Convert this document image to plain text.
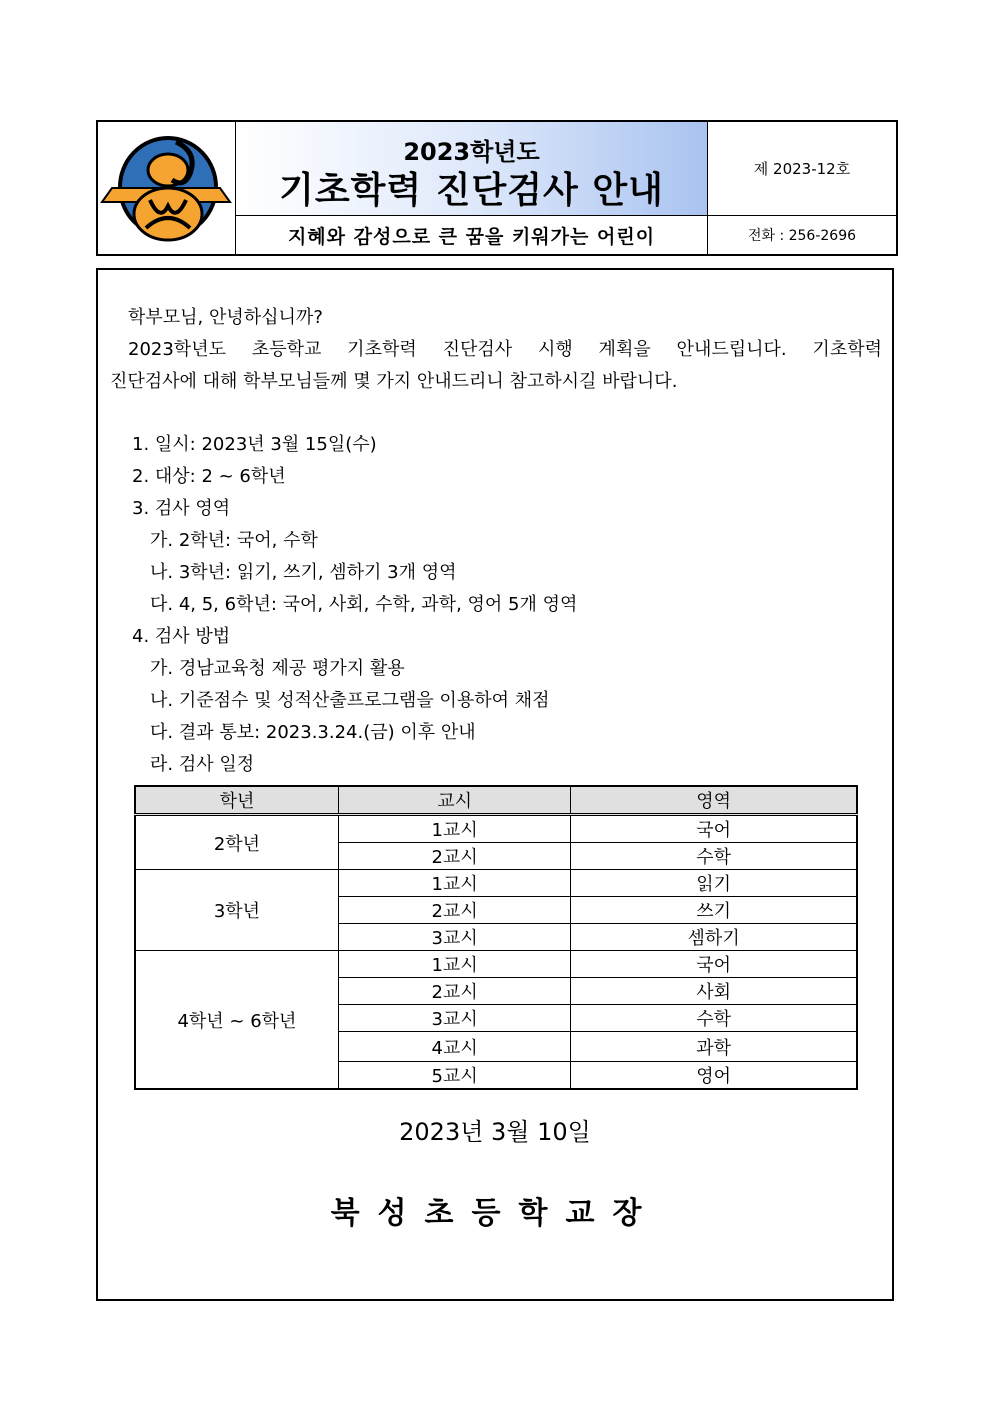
2023학년도
기초학력 진단검사 안내
제 2023-12호
지혜와 감성으로 큰 꿈을 키워가는 어린이	전화 : 256-2696
학부모님, 안녕하십니까?
2023학년도 초등학교 기초학력 진단검사 시행 계획을 안내드립니다. 기초학력
진단검사에 대해 학부모님들께 몇 가지 안내드리니 참고하시길 바랍니다.
1. 일시: 2023년 3월 15일(수)
2. 대상: 2 ~ 6학년
3. 검사 영역
가. 2학년: 국어, 수학
나. 3학년: 읽기, 쓰기, 셈하기 3개 영역
다. 4, 5, 6학년: 국어, 사회, 수학, 과학, 영어 5개 영역
4. 검사 방법
가. 경남교육청 제공 평가지 활용
나. 기준점수 및 성적산출프로그램을 이용하여 채점
다. 결과 통보: 2023.3.24.(금) 이후 안내
라. 검사 일정
학년	교시	영역
2학년	1교시	국어
	2교시	수학
3학년	1교시	읽기
	2교시	쓰기
	3교시	셈하기
4학년 ~ 6학년	1교시	국어
	2교시	사회
	3교시	수학
	4교시	과학
	5교시	영어
2023년 3월 10일
북성초등학교장
